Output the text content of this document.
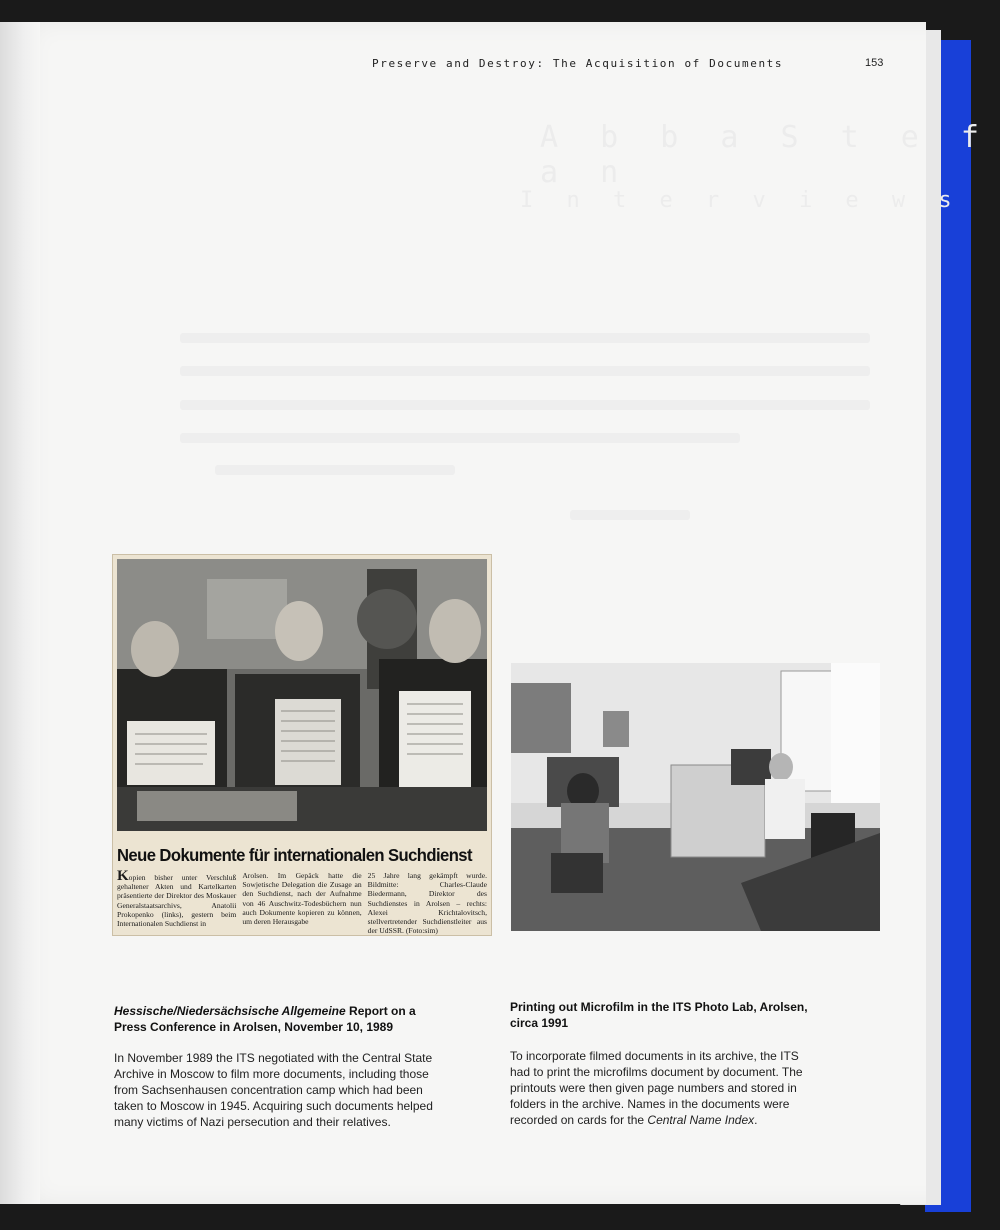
A b b a S t e f a n
I n t e r v i e w s
Preserve and Destroy: The Acquisition of Documents	153
Neue Dokumente für internationalen Suchdienst
Kopien bisher unter Verschluß gehaltener Akten und Kartelkarten präsentierte der Direktor des Moskauer Generalstaatsarchivs, Anatolii Prokopenko (links), gestern beim Internationalen Suchdienst in
Arolsen. Im Gepäck hatte die Sowjetische Delegation die Zusage an den Suchdienst, nach der Aufnahme von 46 Auschwitz-Todesbüchern nun auch Dokumente kopieren zu können, um deren Herausgabe
25 Jahre lang gekämpft wurde. Bildmitte: Charles-Claude Biedermann, Direktor des Suchdienstes in Arolsen – rechts: Alexei Krichtalovitsch, stellvertretender Suchdienstleiter aus der UdSSR. (Foto:sim)
Hessische/Niedersächsische Allgemeine Report on a Press Conference in Arolsen, November 10, 1989
In November 1989 the ITS negotiated with the Central State Archive in Moscow to film more documents, including those from Sachsenhausen concentration camp which had been taken to Moscow in 1945. Acquiring such documents helped many victims of Nazi persecution and their relatives.
Printing out Microfilm in the ITS Photo Lab, Arolsen, circa 1991
To incorporate filmed documents in its archive, the ITS had to print the microfilms document by document. The printouts were then given page numbers and stored in folders in the archive. Names in the documents were recorded on cards for the Central Name Index.
